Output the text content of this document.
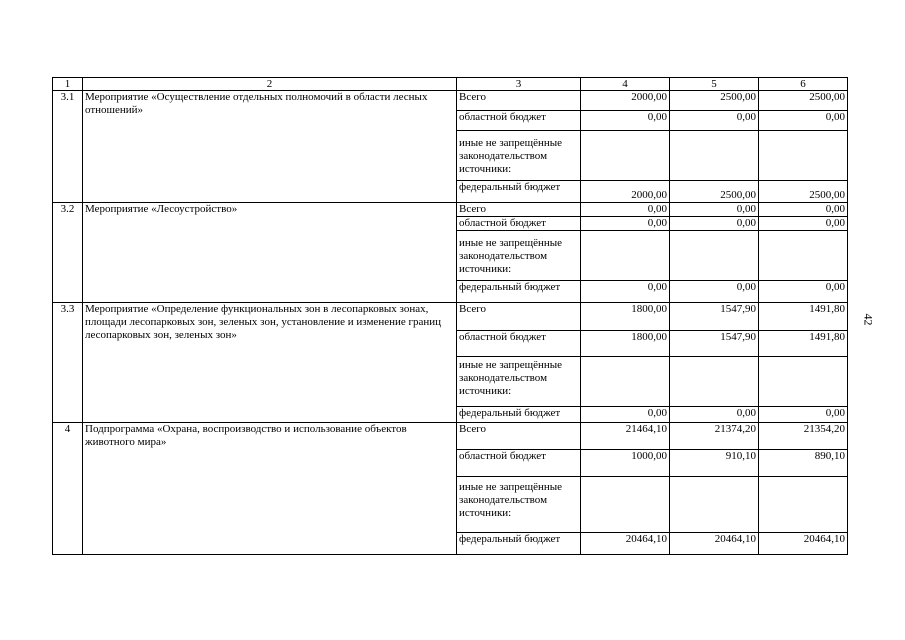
1	2	3	4	5	6
3.1	Мероприятие «Осуществление отдельных полномочий в области лесных отношений»	Всего	2000,00	2500,00	2500,00
		областной бюджет	0,00	0,00	0,00
		иные не запрещённые законодательством источники:			
		федеральный бюджет	2000,00	2500,00	2500,00
3.2	Мероприятие «Лесоустройство»	Всего	0,00	0,00	0,00
		областной бюджет	0,00	0,00	0,00
		иные не запрещённые законодательством источники:			
		федеральный бюджет	0,00	0,00	0,00
3.3	Мероприятие «Определение функциональных зон в лесопарковых зонах, площади лесопарковых зон, зеленых зон, установление и изменение границ лесопарковых зон, зеленых зон»	Всего	1800,00	1547,90	1491,80
		областной бюджет	1800,00	1547,90	1491,80
		иные не запрещённые законодательством источники:			
		федеральный бюджет	0,00	0,00	0,00
4	Подпрограмма «Охрана, воспроизводство и использование объектов животного мира»	Всего	21464,10	21374,20	21354,20
		областной бюджет	1000,00	910,10	890,10
		иные не запрещённые законодательством источники:			
		федеральный бюджет	20464,10	20464,10	20464,10
42
